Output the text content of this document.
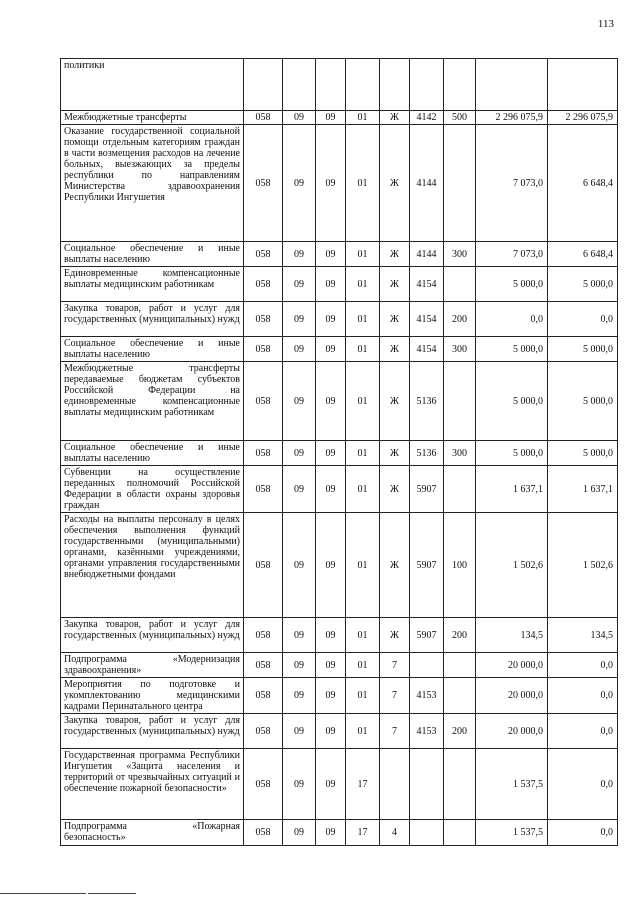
113
политики									
Межбюджетные трансферты	058	09	09	01	Ж	4142	500	2 296 075,9	2 296 075,9
Оказание государственной социальной помощи отдельным категориям граждан в части возмещения расходов на лечение больных, выезжающих за пределы республики по направлениям Министерства здравоохранения Республики Ингушетия	058	09	09	01	Ж	4144		7 073,0	6 648,4
Социальное обеспечение и иные выплаты населению	058	09	09	01	Ж	4144	300	7 073,0	6 648,4
Единовременные компенсационные выплаты медицинским работникам	058	09	09	01	Ж	4154		5 000,0	5 000,0
Закупка товаров, работ и услуг для государственных (муниципальных) нужд	058	09	09	01	Ж	4154	200	0,0	0,0
Социальное обеспечение и иные выплаты населению	058	09	09	01	Ж	4154	300	5 000,0	5 000,0
Межбюджетные трансферты передаваемые бюджетам субъектов Российской Федерации на единовременные компенсационные выплаты медицинским работникам	058	09	09	01	Ж	5136		5 000,0	5 000,0
Социальное обеспечение и иные выплаты населению	058	09	09	01	Ж	5136	300	5 000,0	5 000,0
Субвенции на осуществление переданных полномочий Российской Федерации в области охраны здоровья граждан	058	09	09	01	Ж	5907		1 637,1	1 637,1
Расходы на выплаты персоналу в целях обеспечения выполнения функций государственными (муниципальными) органами, казёнными учреждениями, органами управления государственными внебюджетными фондами	058	09	09	01	Ж	5907	100	1 502,6	1 502,6
Закупка товаров, работ и услуг для государственных (муниципальных) нужд	058	09	09	01	Ж	5907	200	134,5	134,5
Подпрограмма «Модернизация здравоохранения»	058	09	09	01	7			20 000,0	0,0
Мероприятия по подготовке и укомплектованию медицинскими кадрами Перинатального центра	058	09	09	01	7	4153		20 000,0	0,0
Закупка товаров, работ и услуг для государственных (муниципальных) нужд	058	09	09	01	7	4153	200	20 000,0	0,0
Государственная программа Республики Ингушетия «Защита населения и территорий от чрезвычайных ситуаций и обеспечение пожарной безопасности»	058	09	09	17				1 537,5	0,0
Подпрограмма «Пожарная безопасность»	058	09	09	17	4			1 537,5	0,0
